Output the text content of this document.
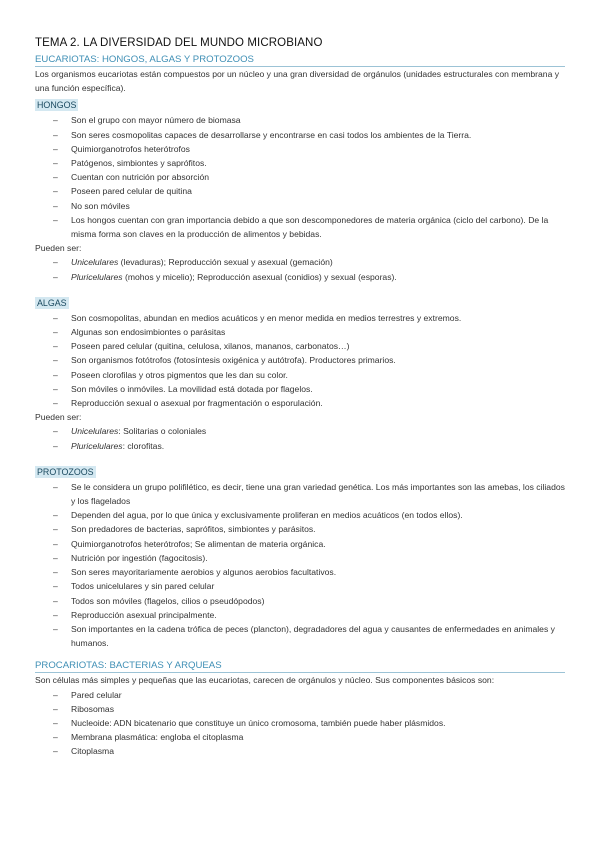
TEMA 2. LA DIVERSIDAD DEL MUNDO MICROBIANO
EUCARIOTAS: HONGOS, ALGAS Y PROTOZOOS
Los organismos eucariotas están compuestos por un núcleo y una gran diversidad de orgánulos (unidades estructurales con membrana y una función específica).
HONGOS
– Son el grupo con mayor número de biomasa
– Son seres cosmopolitas capaces de desarrollarse y encontrarse en casi todos los ambientes de la Tierra.
– Quimiorganotrofos heterótrofos
– Patógenos, simbiontes y saprófitos.
– Cuentan con nutrición por absorción
– Poseen pared celular de quitina
– No son móviles
– Los hongos cuentan con gran importancia debido a que son descomponedores de materia orgánica (ciclo del carbono). De la misma forma son claves en la producción de alimentos y bebidas.
Pueden ser:
– Unicelulares (levaduras); Reproducción sexual y asexual (gemación)
– Pluricelulares (mohos y micelio); Reproducción asexual (conidios) y sexual (esporas).
ALGAS
– Son cosmopolitas, abundan en medios acuáticos y en menor medida en medios terrestres y extremos.
– Algunas son endosimbiontes o parásitas
– Poseen pared celular (quitina, celulosa, xilanos, mananos, carbonatos…)
– Son organismos fotótrofos (fotosíntesis oxigénica y autótrofa). Productores primarios.
– Poseen clorofilas y otros pigmentos que les dan su color.
– Son móviles o inmóviles. La movilidad está dotada por flagelos.
– Reproducción sexual o asexual por fragmentación o esporulación.
Pueden ser:
– Unicelulares: Solitarias o coloniales
– Pluricelulares: clorofitas.
PROTOZOOS
– Se le considera un grupo polifilético, es decir, tiene una gran variedad genética. Los más importantes son las amebas, los ciliados y los flagelados
– Dependen del agua, por lo que única y exclusivamente proliferan en medios acuáticos (en todos ellos).
– Son predadores de bacterias, saprófitos, simbiontes y parásitos.
– Quimiorganotrofos heterótrofos; Se alimentan de materia orgánica.
– Nutrición por ingestión (fagocitosis).
– Son seres mayoritariamente aerobios y algunos aerobios facultativos.
– Todos unicelulares y sin pared celular
– Todos son móviles (flagelos, cilios o pseudópodos)
– Reproducción asexual principalmente.
– Son importantes en la cadena trófica de peces (plancton), degradadores del agua y causantes de enfermedades en animales y humanos.
PROCARIOTAS: BACTERIAS Y ARQUEAS
Son células más simples y pequeñas que las eucariotas, carecen de orgánulos y núcleo. Sus componentes básicos son:
– Pared celular
– Ribosomas
– Nucleoide: ADN bicatenario que constituye un único cromosoma, también puede haber plásmidos.
– Membrana plasmática: engloba el citoplasma
– Citoplasma
